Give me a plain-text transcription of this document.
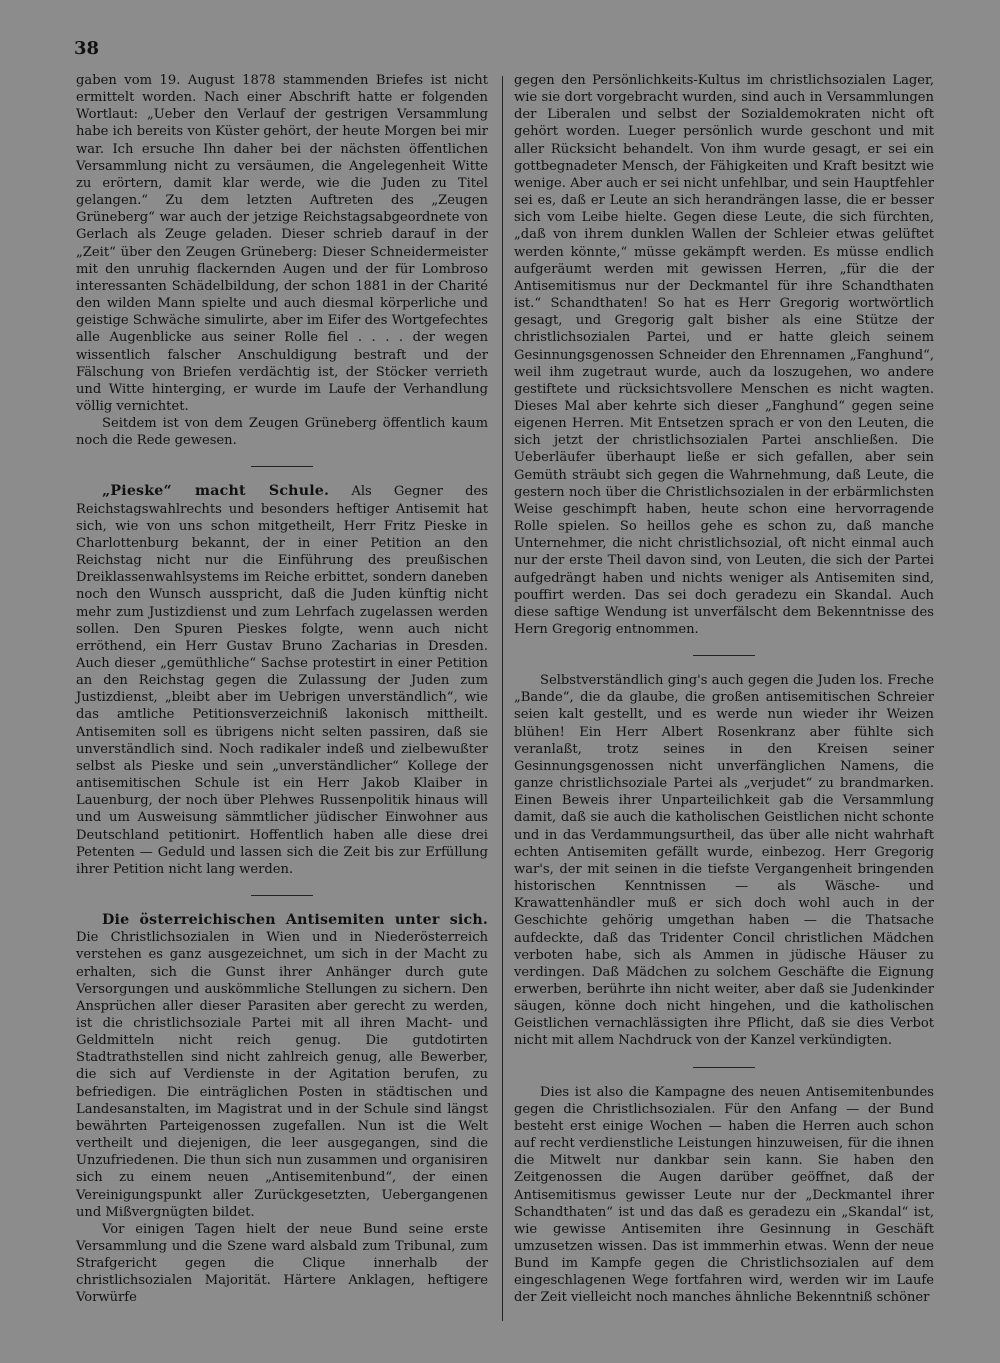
38

gaben vom 19. August 1878 stammenden Briefes ist nicht ermittelt worden. Nach einer Abschrift hatte er folgenden Wortlaut: „Ueber den Verlauf der gestrigen Versammlung habe ich bereits von Küster gehört, der heute Morgen bei mir war. Ich ersuche Ihn daher bei der nächsten öffentlichen Versammlung nicht zu versäumen, die Angelegenheit Witte zu erörtern, damit klar werde, wie die Juden zu Titel gelangen.“ Zu dem letzten Auftreten des „Zeugen Grüneberg“ war auch der jetzige Reichstagsabgeordnete von Gerlach als Zeuge geladen. Dieser schrieb darauf in der „Zeit“ über den Zeugen Grüneberg: Dieser Schneidermeister mit den unruhig flackernden Augen und der für Lombroso interessanten Schädelbildung, der schon 1881 in der Charité den wilden Mann spielte und auch diesmal körperliche und geistige Schwäche simulirte, aber im Eifer des Wortgefechtes alle Augenblicke aus seiner Rolle fiel . . . . der wegen wissentlich falscher Anschuldigung bestraft und der Fälschung von Briefen verdächtig ist, der Stöcker verrieth und Witte hinterging, er wurde im Laufe der Verhandlung völlig vernichtet.

Seitdem ist von dem Zeugen Grüneberg öffentlich kaum noch die Rede gewesen.

„Pieske“ macht Schule. Als Gegner des Reichstagswahlrechts und besonders heftiger Antisemit hat sich, wie von uns schon mitgetheilt, Herr Fritz Pieske in Charlottenburg bekannt, der in einer Petition an den Reichstag nicht nur die Einführung des preußischen Dreiklassenwahlsystems im Reiche erbittet, sondern daneben noch den Wunsch ausspricht, daß die Juden künftig nicht mehr zum Justizdienst und zum Lehrfach zugelassen werden sollen. Den Spuren Pieskes folgte, wenn auch nicht erröthend, ein Herr Gustav Bruno Zacharias in Dresden. Auch dieser „gemüthliche“ Sachse protestirt in einer Petition an den Reichstag gegen die Zulassung der Juden zum Justizdienst, „bleibt aber im Uebrigen unverständlich“, wie das amtliche Petitionsverzeichniß lakonisch mittheilt. Antisemiten soll es übrigens nicht selten passiren, daß sie unverständlich sind. Noch radikaler indeß und zielbewußter selbst als Pieske und sein „unverständlicher“ Kollege der antisemitischen Schule ist ein Herr Jakob Klaiber in Lauenburg, der noch über Plehwes Russenpolitik hinaus will und um Ausweisung sämmtlicher jüdischer Einwohner aus Deutschland petitionirt. Hoffentlich haben alle diese drei Petenten — Geduld und lassen sich die Zeit bis zur Erfüllung ihrer Petition nicht lang werden.

Die österreichischen Antisemiten unter sich. Die Christlichsozialen in Wien und in Niederösterreich verstehen es ganz ausgezeichnet, um sich in der Macht zu erhalten, sich die Gunst ihrer Anhänger durch gute Versorgungen und auskömmliche Stellungen zu sichern. Den Ansprüchen aller dieser Parasiten aber gerecht zu werden, ist die christlichsoziale Partei mit all ihren Macht- und Geldmitteln nicht reich genug. Die gutdotirten Stadtrathstellen sind nicht zahlreich genug, alle Bewerber, die sich auf Verdienste in der Agitation berufen, zu befriedigen. Die einträglichen Posten in städtischen und Landesanstalten, im Magistrat und in der Schule sind längst bewährten Parteigenossen zugefallen. Nun ist die Welt vertheilt und diejenigen, die leer ausgegangen, sind die Unzufriedenen. Die thun sich nun zusammen und organisiren sich zu einem neuen „Antisemitenbund“, der einen Vereinigungspunkt aller Zurückgesetzten, Uebergangenen und Mißvergnügten bildet.

Vor einigen Tagen hielt der neue Bund seine erste Versammlung und die Szene ward alsbald zum Tribunal, zum Strafgericht gegen die Clique innerhalb der christlichsozialen Majorität. Härtere Anklagen, heftigere Vorwürfe

gegen den Persönlichkeits-Kultus im christlichsozialen Lager, wie sie dort vorgebracht wurden, sind auch in Versammlungen der Liberalen und selbst der Sozialdemokraten nicht oft gehört worden. Lueger persönlich wurde geschont und mit aller Rücksicht behandelt. Von ihm wurde gesagt, er sei ein gottbegnadeter Mensch, der Fähigkeiten und Kraft besitzt wie wenige. Aber auch er sei nicht unfehlbar, und sein Hauptfehler sei es, daß er Leute an sich herandrängen lasse, die er besser sich vom Leibe hielte. Gegen diese Leute, die sich fürchten, „daß von ihrem dunklen Wallen der Schleier etwas gelüftet werden könnte,“ müsse gekämpft werden. Es müsse endlich aufgeräumt werden mit gewissen Herren, „für die der Antisemitismus nur der Deckmantel für ihre Schandthaten ist.“ Schandthaten! So hat es Herr Gregorig wortwörtlich gesagt, und Gregorig galt bisher als eine Stütze der christlichsozialen Partei, und er hatte gleich seinem Gesinnungsgenossen Schneider den Ehrennamen „Fanghund“, weil ihm zugetraut wurde, auch da loszugehen, wo andere gestiftete und rücksichtsvollere Menschen es nicht wagten. Dieses Mal aber kehrte sich dieser „Fanghund“ gegen seine eigenen Herren. Mit Entsetzen sprach er von den Leuten, die sich jetzt der christlichsozialen Partei anschließen. Die Ueberläufer überhaupt ließe er sich gefallen, aber sein Gemüth sträubt sich gegen die Wahrnehmung, daß Leute, die gestern noch über die Christlichsozialen in der erbärmlichsten Weise geschimpft haben, heute schon eine hervorragende Rolle spielen. So heillos gehe es schon zu, daß manche Unternehmer, die nicht christlichsozial, oft nicht einmal auch nur der erste Theil davon sind, von Leuten, die sich der Partei aufgedrängt haben und nichts weniger als Antisemiten sind, pouffirt werden. Das sei doch geradezu ein Skandal. Auch diese saftige Wendung ist unverfälscht dem Bekenntnisse des Hern Gregorig entnommen.

Selbstverständlich ging's auch gegen die Juden los. Freche „Bande“, die da glaube, die großen antisemitischen Schreier seien kalt gestellt, und es werde nun wieder ihr Weizen blühen! Ein Herr Albert Rosenkranz aber fühlte sich veranlaßt, trotz seines in den Kreisen seiner Gesinnungsgenossen nicht unverfänglichen Namens, die ganze christlichsoziale Partei als „verjudet“ zu brandmarken. Einen Beweis ihrer Unparteilichkeit gab die Versammlung damit, daß sie auch die katholischen Geistlichen nicht schonte und in das Verdammungsurtheil, das über alle nicht wahrhaft echten Antisemiten gefällt wurde, einbezog. Herr Gregorig war's, der mit seinen in die tiefste Vergangenheit bringenden historischen Kenntnissen — als Wäsche- und Krawattenhändler muß er sich doch wohl auch in der Geschichte gehörig umgethan haben — die Thatsache aufdeckte, daß das Tridenter Concil christlichen Mädchen verboten habe, sich als Ammen in jüdische Häuser zu verdingen. Daß Mädchen zu solchem Geschäfte die Eignung erwerben, berührte ihn nicht weiter, aber daß sie Judenkinder säugen, könne doch nicht hingehen, und die katholischen Geistlichen vernachlässigten ihre Pflicht, daß sie dies Verbot nicht mit allem Nachdruck von der Kanzel verkündigten.

Dies ist also die Kampagne des neuen Antisemitenbundes gegen die Christlichsozialen. Für den Anfang — der Bund besteht erst einige Wochen — haben die Herren auch schon auf recht verdienstliche Leistungen hinzuweisen, für die ihnen die Mitwelt nur dankbar sein kann. Sie haben den Zeitgenossen die Augen darüber geöffnet, daß der Antisemitismus gewisser Leute nur der „Deckmantel ihrer Schandthaten“ ist und das daß es geradezu ein „Skandal“ ist, wie gewisse Antisemiten ihre Gesinnung in Geschäft umzusetzen wissen. Das ist immmerhin etwas. Wenn der neue Bund im Kampfe gegen die Christlichsozialen auf dem eingeschlagenen Wege fortfahren wird, werden wir im Laufe der Zeit vielleicht noch manches ähnliche Bekenntniß schöner
